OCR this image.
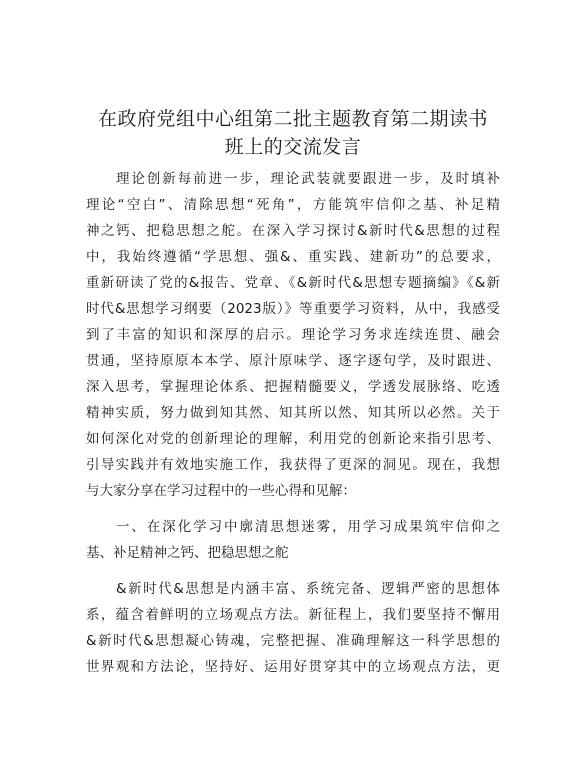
在政府党组中心组第二批主题教育第二期读书
班上的交流发言
理论创新每前进一步，理论武装就要跟进一步，及时填补
理论“空白”、清除思想“死角”，方能筑牢信仰之基、补足精
神之钙、把稳思想之舵。在深入学习探讨&新时代&思想的过程
中，我始终遵循“学思想、强&、重实践、建新功”的总要求，
重新研读了党的&报告、党章、《&新时代&思想专题摘编》《&新
时代&思想学习纲要（2023版）》等重要学习资料，从中，我感受
到了丰富的知识和深厚的启示。理论学习务求连续连贯、融会
贯通，坚持原原本本学、原汁原味学、逐字逐句学，及时跟进、
深入思考，掌握理论体系、把握精髓要义，学透发展脉络、吃透
精神实质，努力做到知其然、知其所以然、知其所以必然。关于
如何深化对党的创新理论的理解，利用党的创新论来指引思考、
引导实践并有效地实施工作，我获得了更深的洞见。现在，我想
与大家分享在学习过程中的一些心得和见解：
一、在深化学习中廓清思想迷雾，用学习成果筑牢信仰之
基、补足精神之钙、把稳思想之舵
&新时代&思想是内涵丰富、系统完备、逻辑严密的思想体
系，蕴含着鲜明的立场观点方法。新征程上，我们要坚持不懈用
&新时代&思想凝心铸魂，完整把握、准确理解这一科学思想的
世界观和方法论，坚持好、运用好贯穿其中的立场观点方法，更
